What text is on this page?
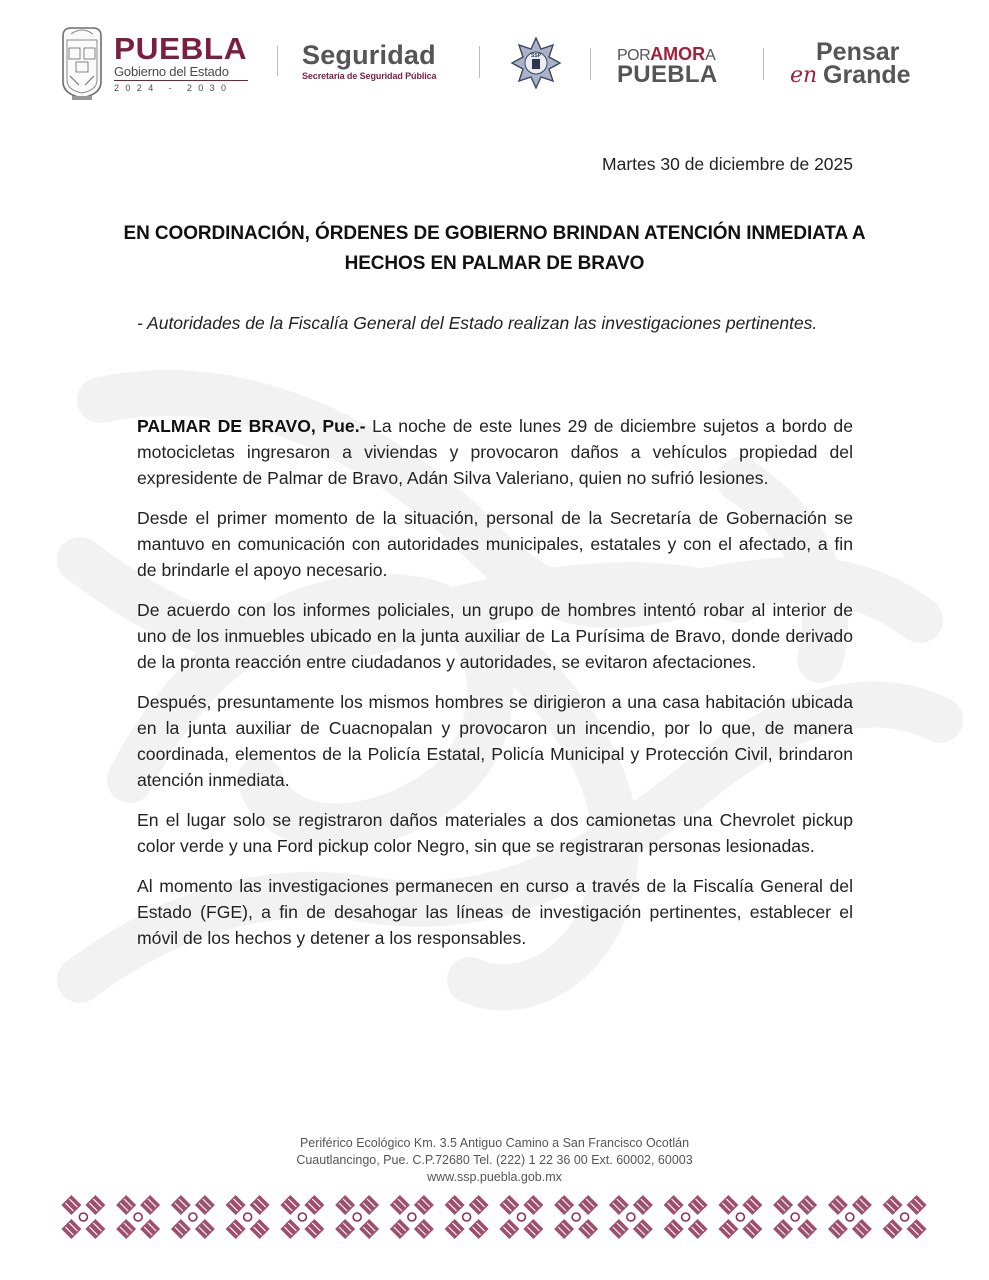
PUEBLA
Gobierno del Estado
2024 - 2030
Seguridad
Secretaría de Seguridad Pública
SSP	PORAMORA
PUEBLA
Pensar
en Grande
Martes 30 de diciembre de 2025
EN COORDINACIÓN, ÓRDENES DE GOBIERNO BRINDAN ATENCIÓN INMEDIATA A HECHOS EN PALMAR DE BRAVO
- Autoridades de la Fiscalía General del Estado realizan las investigaciones pertinentes.

PALMAR DE BRAVO, Pue.- La noche de este lunes 29 de diciembre sujetos a bordo de motocicletas ingresaron a viviendas y provocaron daños a vehículos propiedad del expresidente de Palmar de Bravo, Adán Silva Valeriano, quien no sufrió lesiones.

Desde el primer momento de la situación, personal de la Secretaría de Gobernación se mantuvo en comunicación con autoridades municipales, estatales y con el afectado, a fin de brindarle el apoyo necesario.

De acuerdo con los informes policiales, un grupo de hombres intentó robar al interior de uno de los inmuebles ubicado en la junta auxiliar de La Purísima de Bravo, donde derivado de la pronta reacción entre ciudadanos y autoridades, se evitaron afectaciones.

Después, presuntamente los mismos hombres se dirigieron a una casa habitación ubicada en la junta auxiliar de Cuacnopalan y provocaron un incendio, por lo que, de manera coordinada, elementos de la Policía Estatal, Policía Municipal y Protección Civil, brindaron atención inmediata.

En el lugar solo se registraron daños materiales a dos camionetas una Chevrolet pickup color verde y una Ford pickup color Negro, sin que se registraran personas lesionadas.

Al momento las investigaciones permanecen en curso a través de la Fiscalía General del Estado (FGE), a fin de desahogar las líneas de investigación pertinentes, establecer el móvil de los hechos y detener a los responsables.

Periférico Ecológico Km. 3.5 Antiguo Camino a San Francisco Ocotlán
Cuautlancingo, Pue. C.P.72680 Tel. (222) 1 22 36 00 Ext. 60002, 60003
www.ssp.puebla.gob.mx
